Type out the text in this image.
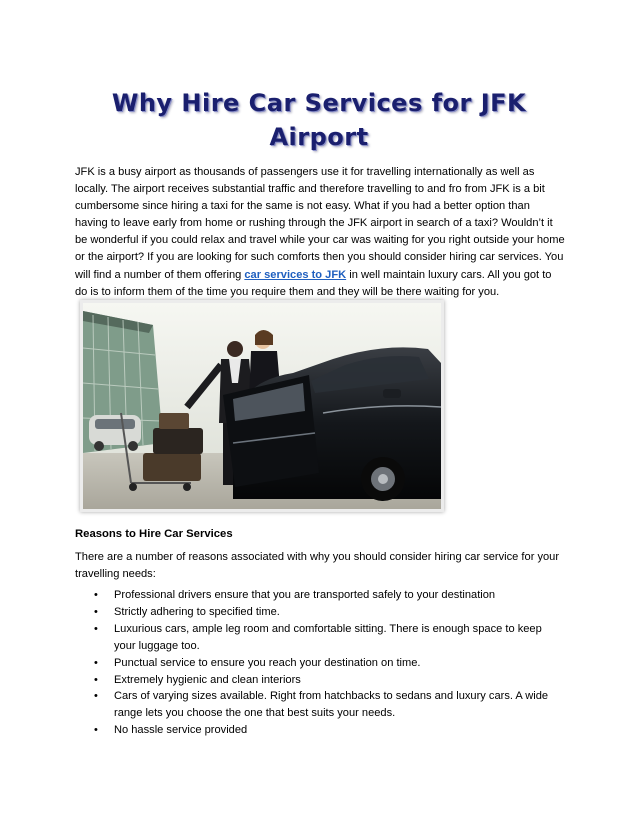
Why Hire Car Services for JFK Airport
JFK is a busy airport as thousands of passengers use it for travelling internationally as well as locally. The airport receives substantial traffic and therefore travelling to and fro from JFK is a bit cumbersome since hiring a taxi for the same is not easy. What if you had a better option than having to leave early from home or rushing through the JFK airport in search of a taxi? Wouldn’t it be wonderful if you could relax and travel while your car was waiting for you right outside your home or the airport? If you are looking for such comforts then you should consider hiring car services. You will find a number of them offering car services to JFK in well maintain luxury cars. All you got to do is to inform them of the time you require them and they will be there waiting for you.
Reasons to Hire Car Services
There are a number of reasons associated with why you should consider hiring car service for your travelling needs:
• Professional drivers ensure that you are transported safely to your destination
• Strictly adhering to specified time.
• Luxurious cars, ample leg room and comfortable sitting. There is enough space to keep your luggage too.
• Punctual service to ensure you reach your destination on time.
• Extremely hygienic and clean interiors
• Cars of varying sizes available. Right from hatchbacks to sedans and luxury cars. A wide range lets you choose the one that best suits your needs.
• No hassle service provided
